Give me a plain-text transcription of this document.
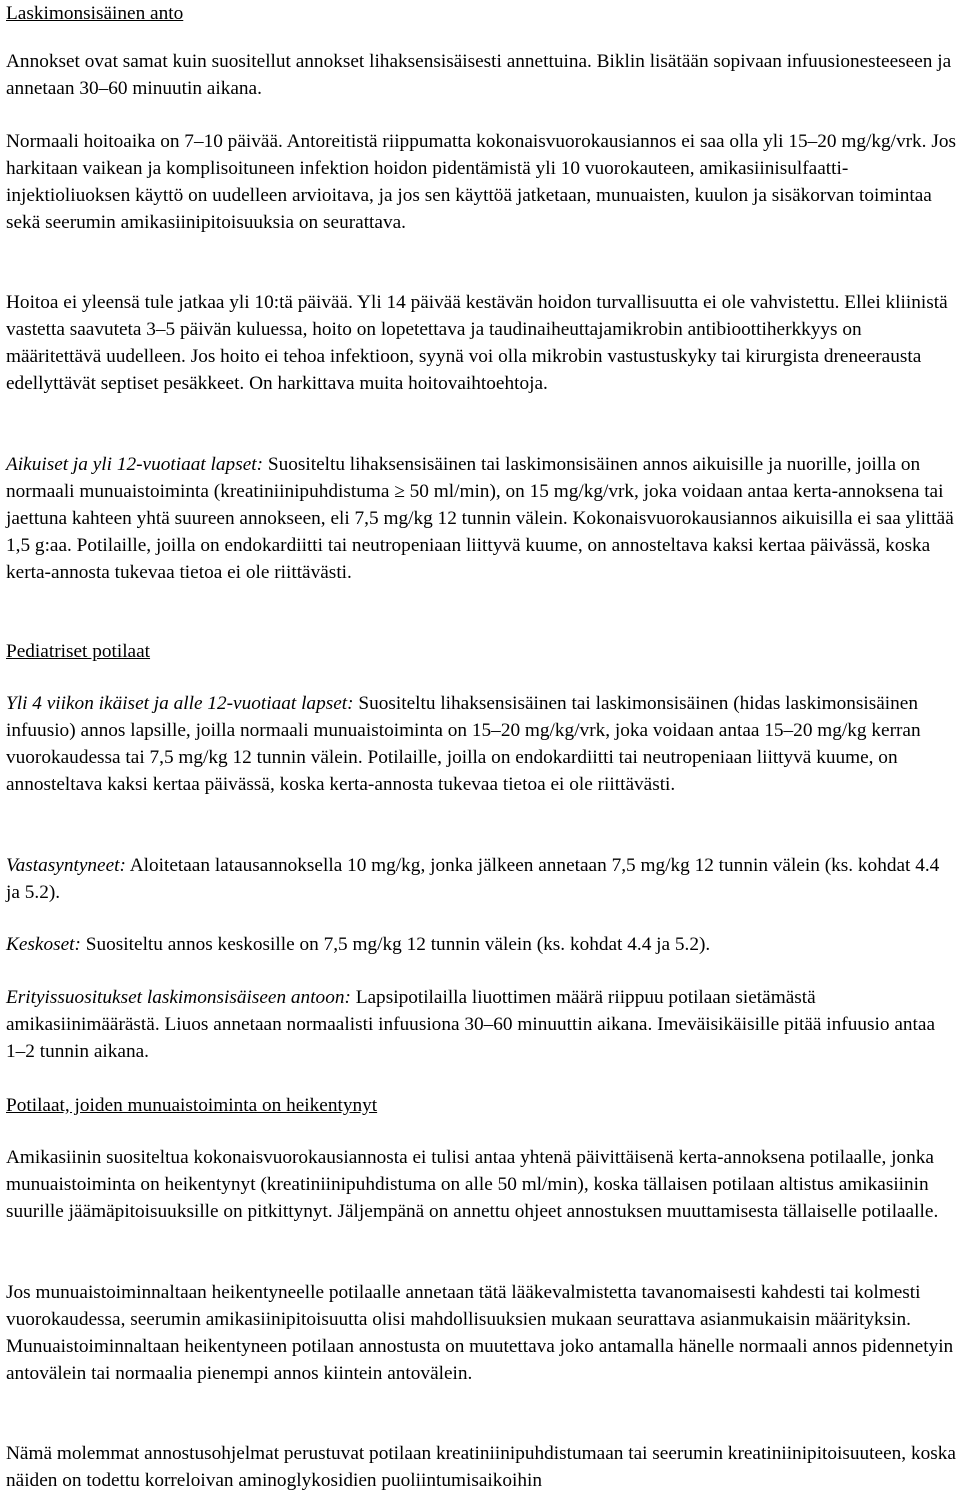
Laskimonsisäinen anto

Annokset ovat samat kuin suositellut annokset lihaksensisäisesti annettuina. Biklin lisätään sopivaan infuusionesteeseen ja annetaan 30–60 minuutin aikana.

Normaali hoitoaika on 7–10 päivää. Antoreitistä riippumatta kokonaisvuorokausiannos ei saa olla yli 15–20 mg/kg/vrk. Jos harkitaan vaikean ja komplisoituneen infektion hoidon pidentämistä yli 10 vuorokauteen, amikasiinisulfaatti-injektioliuoksen käyttö on uudelleen arvioitava, ja jos sen käyttöä jatketaan, munuaisten, kuulon ja sisäkorvan toimintaa sekä seerumin amikasiinipitoisuuksia on seurattava.

Hoitoa ei yleensä tule jatkaa yli 10:tä päivää. Yli 14 päivää kestävän hoidon turvallisuutta ei ole vahvistettu. Ellei kliinistä vastetta saavuteta 3–5 päivän kuluessa, hoito on lopetettava ja taudinaiheuttajamikrobin antibioottiherkkyys on määritettävä uudelleen. Jos hoito ei tehoa infektioon, syynä voi olla mikrobin vastustuskyky tai kirurgista dreneerausta edellyttävät septiset pesäkkeet. On harkittava muita hoitovaihtoehtoja.

Aikuiset ja yli 12-vuotiaat lapset: Suositeltu lihaksensisäinen tai laskimonsisäinen annos aikuisille ja nuorille, joilla on normaali munuaistoiminta (kreatiniinipuhdistuma ≥ 50 ml/min), on 15 mg/kg/vrk, joka voidaan antaa kerta-annoksena tai jaettuna kahteen yhtä suureen annokseen, eli 7,5 mg/kg 12 tunnin välein. Kokonaisvuorokausiannos aikuisilla ei saa ylittää 1,5 g:aa. Potilaille, joilla on endokardiitti tai neutropeniaan liittyvä kuume, on annosteltava kaksi kertaa päivässä, koska kerta-annosta tukevaa tietoa ei ole riittävästi.

Pediatriset potilaat

Yli 4 viikon ikäiset ja alle 12-vuotiaat lapset: Suositeltu lihaksensisäinen tai laskimonsisäinen (hidas laskimonsisäinen infuusio) annos lapsille, joilla normaali munuaistoiminta on 15–20 mg/kg/vrk, joka voidaan antaa 15–20 mg/kg kerran vuorokaudessa tai 7,5 mg/kg 12 tunnin välein. Potilaille, joilla on endokardiitti tai neutropeniaan liittyvä kuume, on annosteltava kaksi kertaa päivässä, koska kerta-annosta tukevaa tietoa ei ole riittävästi.

Vastasyntyneet: Aloitetaan latausannoksella 10 mg/kg, jonka jälkeen annetaan 7,5 mg/kg 12 tunnin välein (ks. kohdat 4.4 ja 5.2).

Keskoset: Suositeltu annos keskosille on 7,5 mg/kg 12 tunnin välein (ks. kohdat 4.4 ja 5.2).

Erityissuositukset laskimonsisäiseen antoon: Lapsipotilailla liuottimen määrä riippuu potilaan sietämästä amikasiinimäärästä. Liuos annetaan normaalisti infuusiona 30–60 minuuttin aikana. Imeväisikäisille pitää infuusio antaa 1–2 tunnin aikana.

Potilaat, joiden munuaistoiminta on heikentynyt

Amikasiinin suositeltua kokonaisvuorokausiannosta ei tulisi antaa yhtenä päivittäisenä kerta-annoksena potilaalle, jonka munuaistoiminta on heikentynyt (kreatiniinipuhdistuma on alle 50 ml/min), koska tällaisen potilaan altistus amikasiinin suurille jäämäpitoisuuksille on pitkittynyt. Jäljempänä on annettu ohjeet annostuksen muuttamisesta tällaiselle potilaalle.

Jos munuaistoiminnaltaan heikentyneelle potilaalle annetaan tätä lääkevalmistetta tavanomaisesti kahdesti tai kolmesti vuorokaudessa, seerumin amikasiinipitoisuutta olisi mahdollisuuksien mukaan seurattava asianmukaisin määrityksin. Munuaistoiminnaltaan heikentyneen potilaan annostusta on muutettava joko antamalla hänelle normaali annos pidennetyin antovälein tai normaalia pienempi annos kiintein antovälein.

Nämä molemmat annostusohjelmat perustuvat potilaan kreatiniinipuhdistumaan tai seerumin kreatiniinipitoisuuteen, koska näiden on todettu korreloivan aminoglykosidien puoliintumisaikoihin
